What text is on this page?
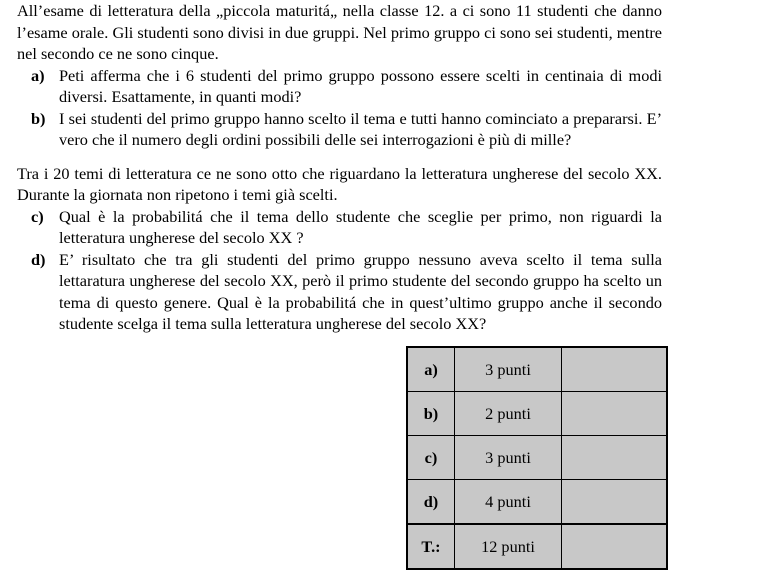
All’esame di letteratura della „piccola maturitá„ nella classe 12. a ci sono 11 studenti che danno l’esame orale. Gli studenti sono divisi in due gruppi. Nel primo gruppo ci sono sei studenti, mentre nel secondo ce ne sono cinque.

a) Peti afferma che i 6 studenti del primo gruppo possono essere scelti in centinaia di modi diversi. Esattamente, in quanti modi?
b) I sei studenti del primo gruppo hanno scelto il tema e tutti hanno cominciato a prepararsi. E’ vero che il numero degli ordini possibili delle sei interrogazioni è più di mille?

Tra i 20 temi di letteratura ce ne sono otto che riguardano la letteratura ungherese del secolo XX. Durante la giornata non ripetono i temi già scelti.

c) Qual è la probabilitá che il tema dello studente che sceglie per primo, non riguardi la letteratura ungherese del secolo XX ?
d) E’ risultato che tra gli studenti del primo gruppo nessuno aveva scelto il tema sulla lettaratura ungherese del secolo XX, però il primo studente del secondo gruppo ha scelto un tema di questo genere. Qual è la probabilitá che in quest’ultimo gruppo anche il secondo studente scelga il tema sulla letteratura ungherese del secolo XX?
a)	3 punti	
b)	2 punti	
c)	3 punti	
d)	4 punti	
T.:	12 punti	
